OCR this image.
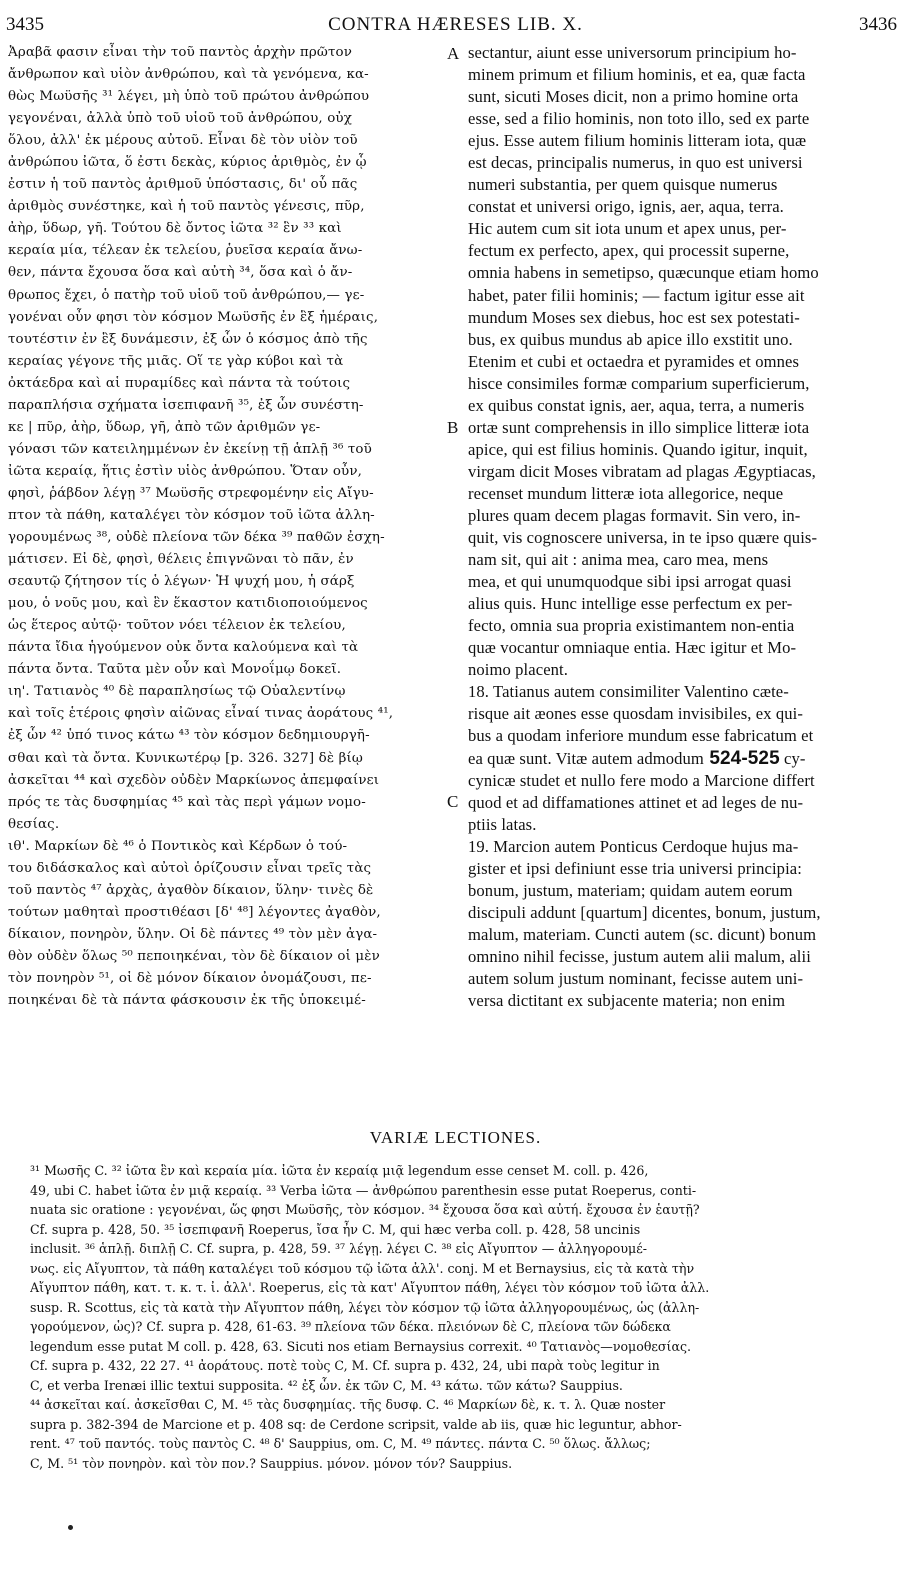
3435	CONTRA HÆRESES LIB. X.	3436
Ἀραβᾶ φασιν εἶναι τὴν τοῦ παντὸς ἀρχὴν πρῶτον
ἄνθρωπον καὶ υἱὸν ἀνθρώπου, καὶ τὰ γενόμενα, κα-
θὼς Μωϋσῆς ³¹ λέγει, μὴ ὑπὸ τοῦ πρώτου ἀνθρώπου
γεγονέναι, ἀλλὰ ὑπὸ τοῦ υἱοῦ τοῦ ἀνθρώπου, οὐχ
ὅλου, ἀλλ' ἐκ μέρους αὐτοῦ. Εἶναι δὲ τὸν υἱὸν τοῦ
ἀνθρώπου ἰῶτα, ὅ ἐστι δεκὰς, κύριος ἀριθμὸς, ἐν ᾧ
ἐστιν ἡ τοῦ παντὸς ἀριθμοῦ ὑπόστασις, δι' οὗ πᾶς
ἀριθμὸς συνέστηκε, καὶ ἡ τοῦ παντὸς γένεσις, πῦρ,
ἀὴρ, ὕδωρ, γῆ. Τούτου δὲ ὄντος ἰῶτα ³² ἓν ³³ καὶ
κεραία μία, τέλεαν ἐκ τελείου, ῥυεῖσα κεραία ἄνω-
θεν, πάντα ἔχουσα ὅσα καὶ αὐτὴ ³⁴, ὅσα καὶ ὁ ἄν-
θρωπος ἔχει, ὁ πατὴρ τοῦ υἱοῦ τοῦ ἀνθρώπου,— γε-
γονέναι οὖν φησι τὸν κόσμον Μωϋσῆς ἐν ἓξ ἡμέραις,
τουτέστιν ἐν ἓξ δυνάμεσιν, ἐξ ὧν ὁ κόσμος ἀπὸ τῆς
κεραίας γέγονε τῆς μιᾶς. Οἵ τε γὰρ κύβοι καὶ τὰ
ὀκτάεδρα καὶ αἱ πυραμίδες καὶ πάντα τὰ τούτοις
παραπλήσια σχήματα ἰσεπιφανῆ ³⁵, ἐξ ὧν συνέστη-
κε | πῦρ, ἀὴρ, ὕδωρ, γῆ, ἀπὸ τῶν ἀριθμῶν γε-
γόνασι τῶν κατειλημμένων ἐν ἐκείνῃ τῇ ἁπλῇ ³⁶ τοῦ
ἰῶτα κεραίᾳ, ἥτις ἐστὶν υἱὸς ἀνθρώπου. Ὅταν οὖν,
φησὶ, ῥάβδον λέγῃ ³⁷ Μωϋσῆς στρεφομένην εἰς Αἴγυ-
πτον τὰ πάθη, καταλέγει τὸν κόσμον τοῦ ἰῶτα ἀλλη-
γορουμένως ³⁸, οὐδὲ πλείονα τῶν δέκα ³⁹ παθῶν ἐσχη-
μάτισεν. Εἰ δὲ, φησὶ, θέλεις ἐπιγνῶναι τὸ πᾶν, ἐν
σεαυτῷ ζήτησον τίς ὁ λέγων· Ἡ ψυχή μου, ἡ σάρξ
μου, ὁ νοῦς μου, καὶ ἓν ἕκαστον κατιδιοποιούμενος
ὡς ἕτερος αὐτῷ· τοῦτον νόει τέλειον ἐκ τελείου,
πάντα ἴδια ἡγούμενον οὐκ ὄντα καλούμενα καὶ τὰ
πάντα ὄντα. Ταῦτα μὲν οὖν καὶ Μονοΐμῳ δοκεῖ.
ιη'. Τατιανὸς ⁴⁰ δὲ παραπλησίως τῷ Οὐαλεντίνῳ
καὶ τοῖς ἑτέροις φησὶν αἰῶνας εἶναί τινας ἀοράτους ⁴¹,
ἐξ ὧν ⁴² ὑπό τινος κάτω ⁴³ τὸν κόσμον δεδημιουργῆ-
σθαι καὶ τὰ ὄντα. Κυνικωτέρῳ [p. 326. 327] δὲ βίῳ
ἀσκεῖται ⁴⁴ καὶ σχεδὸν οὐδὲν Μαρκίωνος ἀπεμφαίνει
πρός τε τὰς δυσφημίας ⁴⁵ καὶ τὰς περὶ γάμων νομο-
θεσίας.
ιθ'. Μαρκίων δὲ ⁴⁶ ὁ Ποντικὸς καὶ Κέρδων ὁ τού-
του διδάσκαλος καὶ αὐτοὶ ὁρίζουσιν εἶναι τρεῖς τὰς
τοῦ παντὸς ⁴⁷ ἀρχὰς, ἀγαθὸν δίκαιον, ὕλην· τινὲς δὲ
τούτων μαθηταὶ προστιθέασι [δ' ⁴⁸] λέγοντες ἀγαθὸν,
δίκαιον, πονηρὸν, ὕλην. Οἱ δὲ πάντες ⁴⁹ τὸν μὲν ἀγα-
θὸν οὐδὲν ὅλως ⁵⁰ πεποιηκέναι, τὸν δὲ δίκαιον οἱ μὲν
τὸν πονηρὸν ⁵¹, οἱ δὲ μόνον δίκαιον ὀνομάζουσι, πε-
ποιηκέναι δὲ τὰ πάντα φάσκουσιν ἐκ τῆς ὑποκειμέ-
sectantur, aiunt esse universorum principium ho-
minem primum et filium hominis, et ea, quæ facta
sunt, sicuti Moses dicit, non a primo homine orta
esse, sed a filio hominis, non toto illo, sed ex parte
ejus. Esse autem filium hominis litteram iota, quæ
est decas, principalis numerus, in quo est universi
numeri substantia, per quem quisque numerus
constat et universi origo, ignis, aer, aqua, terra.
Hic autem cum sit iota unum et apex unus, per-
fectum ex perfecto, apex, qui processit superne,
omnia habens in semetipso, quæcunque etiam homo
habet, pater filii hominis; — factum igitur esse ait
mundum Moses sex diebus, hoc est sex potestati-
bus, ex quibus mundus ab apice illo exstitit uno.
Etenim et cubi et octaedra et pyramides et omnes
hisce consimiles formæ comparium superficierum,
ex quibus constat ignis, aer, aqua, terra, a numeris
ortæ sunt comprehensis in illo simplice litteræ iota
apice, qui est filius hominis. Quando igitur, inquit,
virgam dicit Moses vibratam ad plagas Ægyptiacas,
recenset mundum litteræ iota allegorice, neque
plures quam decem plagas formavit. Sin vero, in-
quit, vis cognoscere universa, in te ipso quære quis-
nam sit, qui ait : anima mea, caro mea, mens
mea, et qui unumquodque sibi ipsi arrogat quasi
alius quis. Hunc intellige esse perfectum ex per-
fecto, omnia sua propria existimantem non-entia
quæ vocantur omniaque entia. Hæc igitur et Mo-
noimo placent.
18. Tatianus autem consimiliter Valentino cæte-
risque ait æones esse quosdam invisibiles, ex qui-
bus a quodam inferiore mundum esse fabricatum et
ea quæ sunt. Vitæ autem admodum 524-525 cy-
cynicæ studet et nullo fere modo a Marcione differt
quod et ad diffamationes attinet et ad leges de nu-
ptiis latas.
19. Marcion autem Ponticus Cerdoque hujus ma-
gister et ipsi definiunt esse tria universi principia:
bonum, justum, materiam; quidam autem eorum
discipuli addunt [quartum] dicentes, bonum, justum,
malum, materiam. Cuncti autem (sc. dicunt) bonum
omnino nihil fecisse, justum autem alii malum, alii
autem solum justum nominant, fecisse autem uni-
versa dictitant ex subjacente materia; non enim
A
B
C
VARIÆ LECTIONES.
³¹ Μωσῆς C. ³² ἰῶτα ἓν καὶ κεραία μία. ἰῶτα ἐν κεραίᾳ μιᾷ legendum esse censet M. coll. p. 426,
49, ubi C. habet ἰῶτα ἐν μιᾷ κεραίᾳ. ³³ Verba ἰῶτα — ἀνθρώπου parenthesin esse putat Roeperus, conti-
nuata sic oratione : γεγονέναι, ὥς φησι Μωϋσῆς, τὸν κόσμον. ³⁴ ἔχουσα ὅσα καὶ αὐτή. ἔχουσα ἐν ἑαυτῇ?
Cf. supra p. 428, 50. ³⁵ ἰσεπιφανῆ Roeperus, ἴσα ἦν C. M, qui hæc verba coll. p. 428, 58 uncinis
inclusit. ³⁶ ἁπλῇ. διπλῇ C. Cf. supra, p. 428, 59. ³⁷ λέγῃ. λέγει C. ³⁸ εἰς Αἴγυπτον — ἀλληγορουμέ-
νως. εἰς Αἴγυπτον, τὰ πάθη καταλέγει τοῦ κόσμου τῷ ἰῶτα ἀλλ'. conj. M et Bernaysius, εἰς τὰ κατὰ τὴν
Αἴγυπτον πάθη, κατ. τ. κ. τ. ἰ. ἀλλ'. Roeperus, εἰς τὰ κατ' Αἴγυπτον πάθη, λέγει τὸν κόσμον τοῦ ἰῶτα ἀλλ.
susp. R. Scottus, εἰς τὰ κατὰ τὴν Αἴγυπτον πάθη, λέγει τὸν κόσμον τῷ ἰῶτα ἀλληγορουμένως, ὡς (ἀλλη-
γορούμενον, ὡς)? Cf. supra p. 428, 61-63. ³⁹ πλείονα τῶν δέκα. πλειόνων δὲ C, πλείονα τῶν δώδεκα
legendum esse putat M coll. p. 428, 63. Sicuti nos etiam Bernaysius correxit. ⁴⁰ Τατιανὸς—νομοθεσίας.
Cf. supra p. 432, 22 27. ⁴¹ ἀοράτους. ποτὲ τοὺς C, M. Cf. supra p. 432, 24, ubi παρὰ τοὺς legitur in
C, et verba Irenæi illic textui supposita. ⁴² ἐξ ὧν. ἐκ τῶν C, M. ⁴³ κάτω. τῶν κάτω? Sauppius.
⁴⁴ ἀσκεῖται καί. ἀσκεῖσθαι C, M. ⁴⁵ τὰς δυσφημίας. τῆς δυσφ. C. ⁴⁶ Μαρκίων δὲ, κ. τ. λ. Quæ noster
supra p. 382-394 de Marcione et p. 408 sq: de Cerdone scripsit, valde ab iis, quæ hic leguntur, abhor-
rent. ⁴⁷ τοῦ παντός. τοὺς παντὸς C. ⁴⁸ δ' Sauppius, om. C, M. ⁴⁹ πάντες. πάντα C. ⁵⁰ ὅλως. ἄλλως;
C, M. ⁵¹ τὸν πονηρὸν. καὶ τὸν πον.? Sauppius. μόνον. μόνον τόν? Sauppius.
